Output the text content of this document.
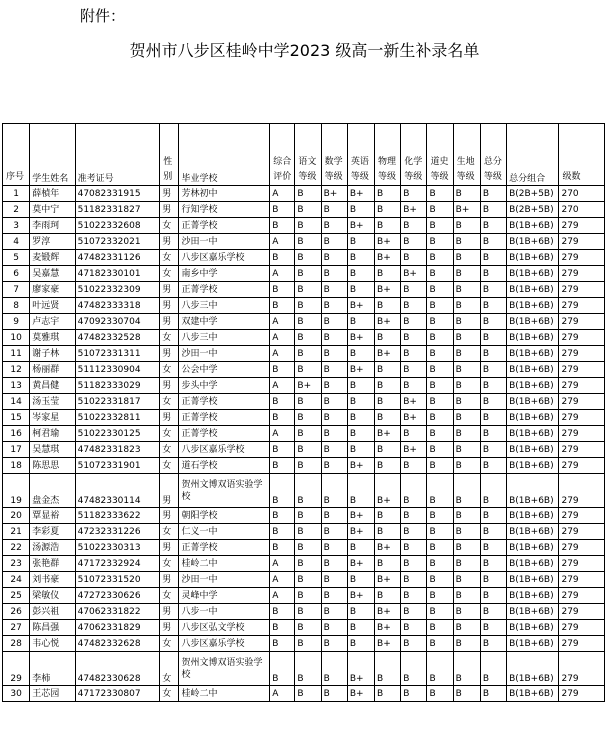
附件：
贺州市八步区桂岭中学2023 级高一新生补录名单
序号	学生姓名	准考证号	性别	毕业学校	综合评价	语文等级	数学等级	英语等级	物理等级	化学等级	道史等级	生地等级	总分等级	总分组合	级数
1	薛楨年	47082331915	男	芳林初中	A	B	B+	B+	B	B	B	B	B	B(2B+5B)	270
2	莫中宁	51182331827	男	行知学校	B	B	B	B	B	B+	B	B+	B	B(2B+5B)	270
3	李雨珂	51022332608	女	正菁学校	B	B	B	B+	B	B	B	B	B	B(1B+6B)	279
4	罗淳	51072332021	男	沙田一中	A	B	B	B	B+	B	B	B	B	B(1B+6B)	279
5	麦锻辉	47482331126	女	八步区嘉乐学校	B	B	B	B	B+	B	B	B	B	B(1B+6B)	279
6	吴嘉慧	47182330101	女	南乡中学	A	B	B	B	B	B+	B	B	B	B(1B+6B)	279
7	廖家豪	51022332309	男	正菁学校	B	B	B	B	B+	B	B	B	B	B(1B+6B)	279
8	叶远贤	47482333318	男	八步三中	B	B	B	B+	B	B	B	B	B	B(1B+6B)	279
9	卢志宇	47092330704	男	双建中学	A	B	B	B	B+	B	B	B	B	B(1B+6B)	279
10	莫雅琪	47482332528	女	八步三中	A	B	B	B+	B	B	B	B	B	B(1B+6B)	279
11	谢子林	51072331311	男	沙田一中	A	B	B	B	B+	B	B	B	B	B(1B+6B)	279
12	杨丽群	51112330904	女	公会中学	B	B	B	B+	B	B	B	B	B	B(1B+6B)	279
13	黄昌健	51182333029	男	步头中学	A	B+	B	B	B	B	B	B	B	B(1B+6B)	279
14	汤玉莹	51022331817	女	正菁学校	B	B	B	B	B	B+	B	B	B	B(1B+6B)	279
15	岑家星	51022332811	男	正菁学校	B	B	B	B	B	B+	B	B	B	B(1B+6B)	279
16	柯君瑜	51022330125	女	正菁学校	A	B	B	B	B+	B	B	B	B	B(1B+6B)	279
17	吴慧琪	47482331823	女	八步区嘉乐学校	B	B	B	B	B	B+	B	B	B	B(1B+6B)	279
18	陈思思	51072331901	女	道石学校	B	B	B	B+	B	B	B	B	B	B(1B+6B)	279
19	盘金杰	47482330114	男	贺州文博双语实验学校	B	B	B	B	B+	B	B	B	B	B(1B+6B)	279
20	覃显裕	51182333622	男	朝阳学校	B	B	B	B+	B	B	B	B	B	B(1B+6B)	279
21	李彩夏	47232331226	女	仁义一中	B	B	B	B+	B	B	B	B	B	B(1B+6B)	279
22	汤源浩	51022330313	男	正菁学校	B	B	B	B	B+	B	B	B	B	B(1B+6B)	279
23	张艳群	47172332924	女	桂岭二中	A	B	B	B+	B	B	B	B	B	B(1B+6B)	279
24	刘书豪	51072331520	男	沙田一中	A	B	B	B	B+	B	B	B	B	B(1B+6B)	279
25	梁敏仪	47272330626	女	灵峰中学	A	B	B	B+	B	B	B	B	B	B(1B+6B)	279
26	彭兴祖	47062331822	男	八步一中	B	B	B	B	B+	B	B	B	B	B(1B+6B)	279
27	陈昌强	47062331829	男	八步区弘文学校	B	B	B	B	B+	B	B	B	B	B(1B+6B)	279
28	韦心悦	47482332628	女	八步区嘉乐学校	B	B	B	B	B+	B	B	B	B	B(1B+6B)	279
29	李柿	47482330628	女	贺州文博双语实验学校	B	B	B	B+	B	B	B	B	B	B(1B+6B)	279
30	王芯园	47172330807	女	桂岭二中	A	B	B	B+	B	B	B	B	B	B(1B+6B)	279
